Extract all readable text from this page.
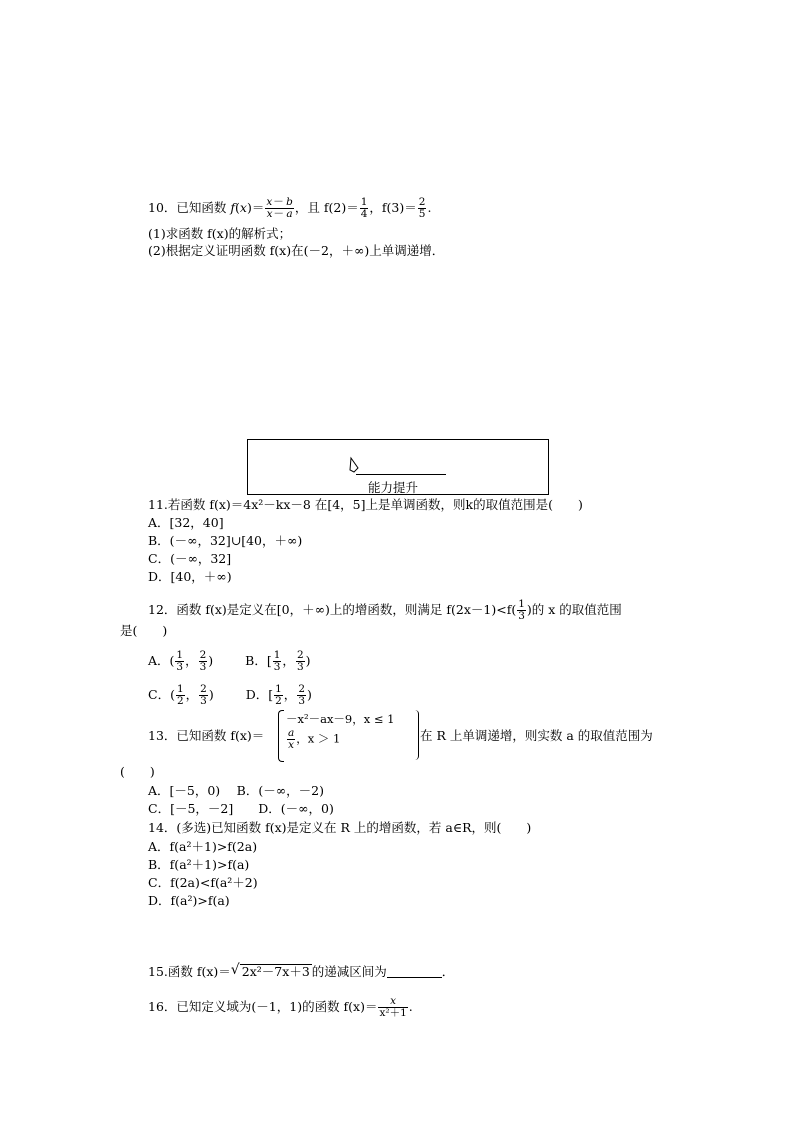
10．已知函数 $f(x)= \frac{x- b}{x- a}$ ，且 $f(2)= \frac{1}{4}$ ，$f(3)= \frac{2}{5}$ .
(1)求函数 f(x)的解析式；
(2)根据定义证明函数 f(x)在(－2，＋∞)上单调递增．
能力提升
11.若函数 f(x)＝4x²－kx－8 在[4，5]上是单调函数，则k的取值范围是(　　)
A．[32，40]
B．(－∞，32]∪[40，＋∞)
C．(－∞，32]
D．[40，＋∞)
12．函数 f(x)是定义在[0，＋∞)上的增函数，则满足 $f(2x-1)<f( \frac{1}{3}$ )的 x 的取值范围
是(　　)
A．( $\frac{1}{3}$ ， $\frac{2}{3}$ )	B．[ $\frac{1}{3}$ ， $\frac{2}{3}$ )
C．( $\frac{1}{2}$ ， $\frac{2}{3}$ )	D．[ $\frac{1}{2}$ ， $\frac{2}{3}$ )
13．已知函数 f(x)＝
－x²－ax－9，x ≤ 1
$\frac{a}{x}$ ，x ＞ 1	在 R 上单调递增，则实数 a 的取值范围为
(　　)
A．[－5，0)　 B．(－∞，－2)
C．[－5，－2]　　D．(－∞，0)
14．(多选)已知函数 f(x)是定义在 R 上的增函数，若 a∈R，则(　　)
A．f(a²＋1)>f(2a)
B．f(a²＋1)>f(a)
C．f(2a)<f(a²＋2)
D．f(a²)>f(a)
15.函数 f(x)＝ √ 2x²－7x＋3 的递减区间为	．
16．已知定义域为(－1，1)的函数 $f(x)= \frac{x}{\text{x²＋1}}$ .
